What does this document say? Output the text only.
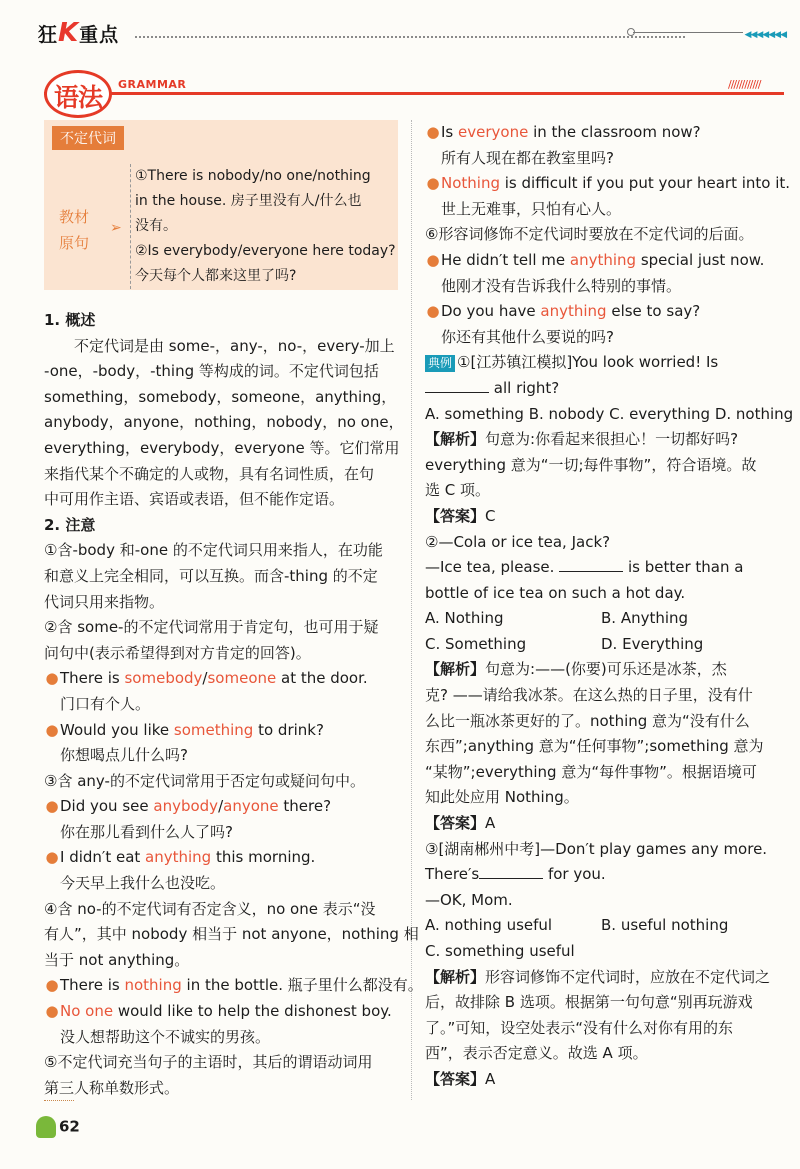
狂K重点	◀◀◀◀◀◀◀
语法 GRAMMAR	////////////
不定代词
教材
原句
➢
①There is nobody/no one/nothing
in the house. 房子里没有人/什么也
没有。
②Is everybody/everyone here today?
今天每个人都来这里了吗?

1. 概述

不定代词是由 some-，any-，no-，every-加上

-one，-body，-thing 等构成的词。不定代词包括

something，somebody，someone，anything，

anybody，anyone，nothing，nobody，no one，

everything，everybody，everyone 等。它们常用

来指代某个不确定的人或物，具有名词性质，在句

中可用作主语、宾语或表语，但不能作定语。

2. 注意

①含-body 和-one 的不定代词只用来指人，在功能

和意义上完全相同，可以互换。而含-thing 的不定

代词只用来指物。

②含 some-的不定代词常用于肯定句，也可用于疑

问句中(表示希望得到对方肯定的回答)。

●There is somebody/someone at the door.

门口有个人。

●Would you like something to drink?

你想喝点儿什么吗?

③含 any-的不定代词常用于否定句或疑问句中。

●Did you see anybody/anyone there?

你在那儿看到什么人了吗?

●I didn′t eat anything this morning.

今天早上我什么也没吃。

④含 no-的不定代词有否定含义，no one 表示“没

有人”，其中 nobody 相当于 not anyone，nothing 相

当于 not anything。

●There is nothing in the bottle. 瓶子里什么都没有。

●No one would like to help the dishonest boy.

没人想帮助这个不诚实的男孩。

⑤不定代词充当句子的主语时，其后的谓语动词用

第三人称单数形式。

●Is everyone in the classroom now?

所有人现在都在教室里吗?

●Nothing is difficult if you put your heart into it.

世上无难事，只怕有心人。

⑥形容词修饰不定代词时要放在不定代词的后面。

●He didn′t tell me anything special just now.

他刚才没有告诉我什么特别的事情。

●Do you have anything else to say?

你还有其他什么要说的吗?

典例 ①[江苏镇江模拟]You look worried! Is

all right?

A. something B. nobody C. everything D. nothing

【解析】句意为:你看起来很担心！一切都好吗?

everything 意为“一切;每件事物”，符合语境。故

选 C 项。

【答案】C

②—Cola or ice tea, Jack?

—Ice tea, please.	is better than a

bottle of ice tea on such a hot day.

A. Nothing	B. Anything

C. Something	D. Everything

【解析】句意为:——(你要)可乐还是冰茶，杰

克? ——请给我冰茶。在这么热的日子里，没有什

么比一瓶冰茶更好的了。nothing 意为“没有什么

东西”;anything 意为“任何事物”;something 意为

“某物”;everything 意为“每件事物”。根据语境可

知此处应用 Nothing。

【答案】A

③[湖南郴州中考]—Don′t play games any more.

There′s	for you.

—OK, Mom.

A. nothing useful	B. useful nothing

C. something useful

【解析】形容词修饰不定代词时，应放在不定代词之

后，故排除 B 选项。根据第一句句意“别再玩游戏

了。”可知，设空处表示“没有什么对你有用的东

西”，表示否定意义。故选 A 项。

【答案】A

62
